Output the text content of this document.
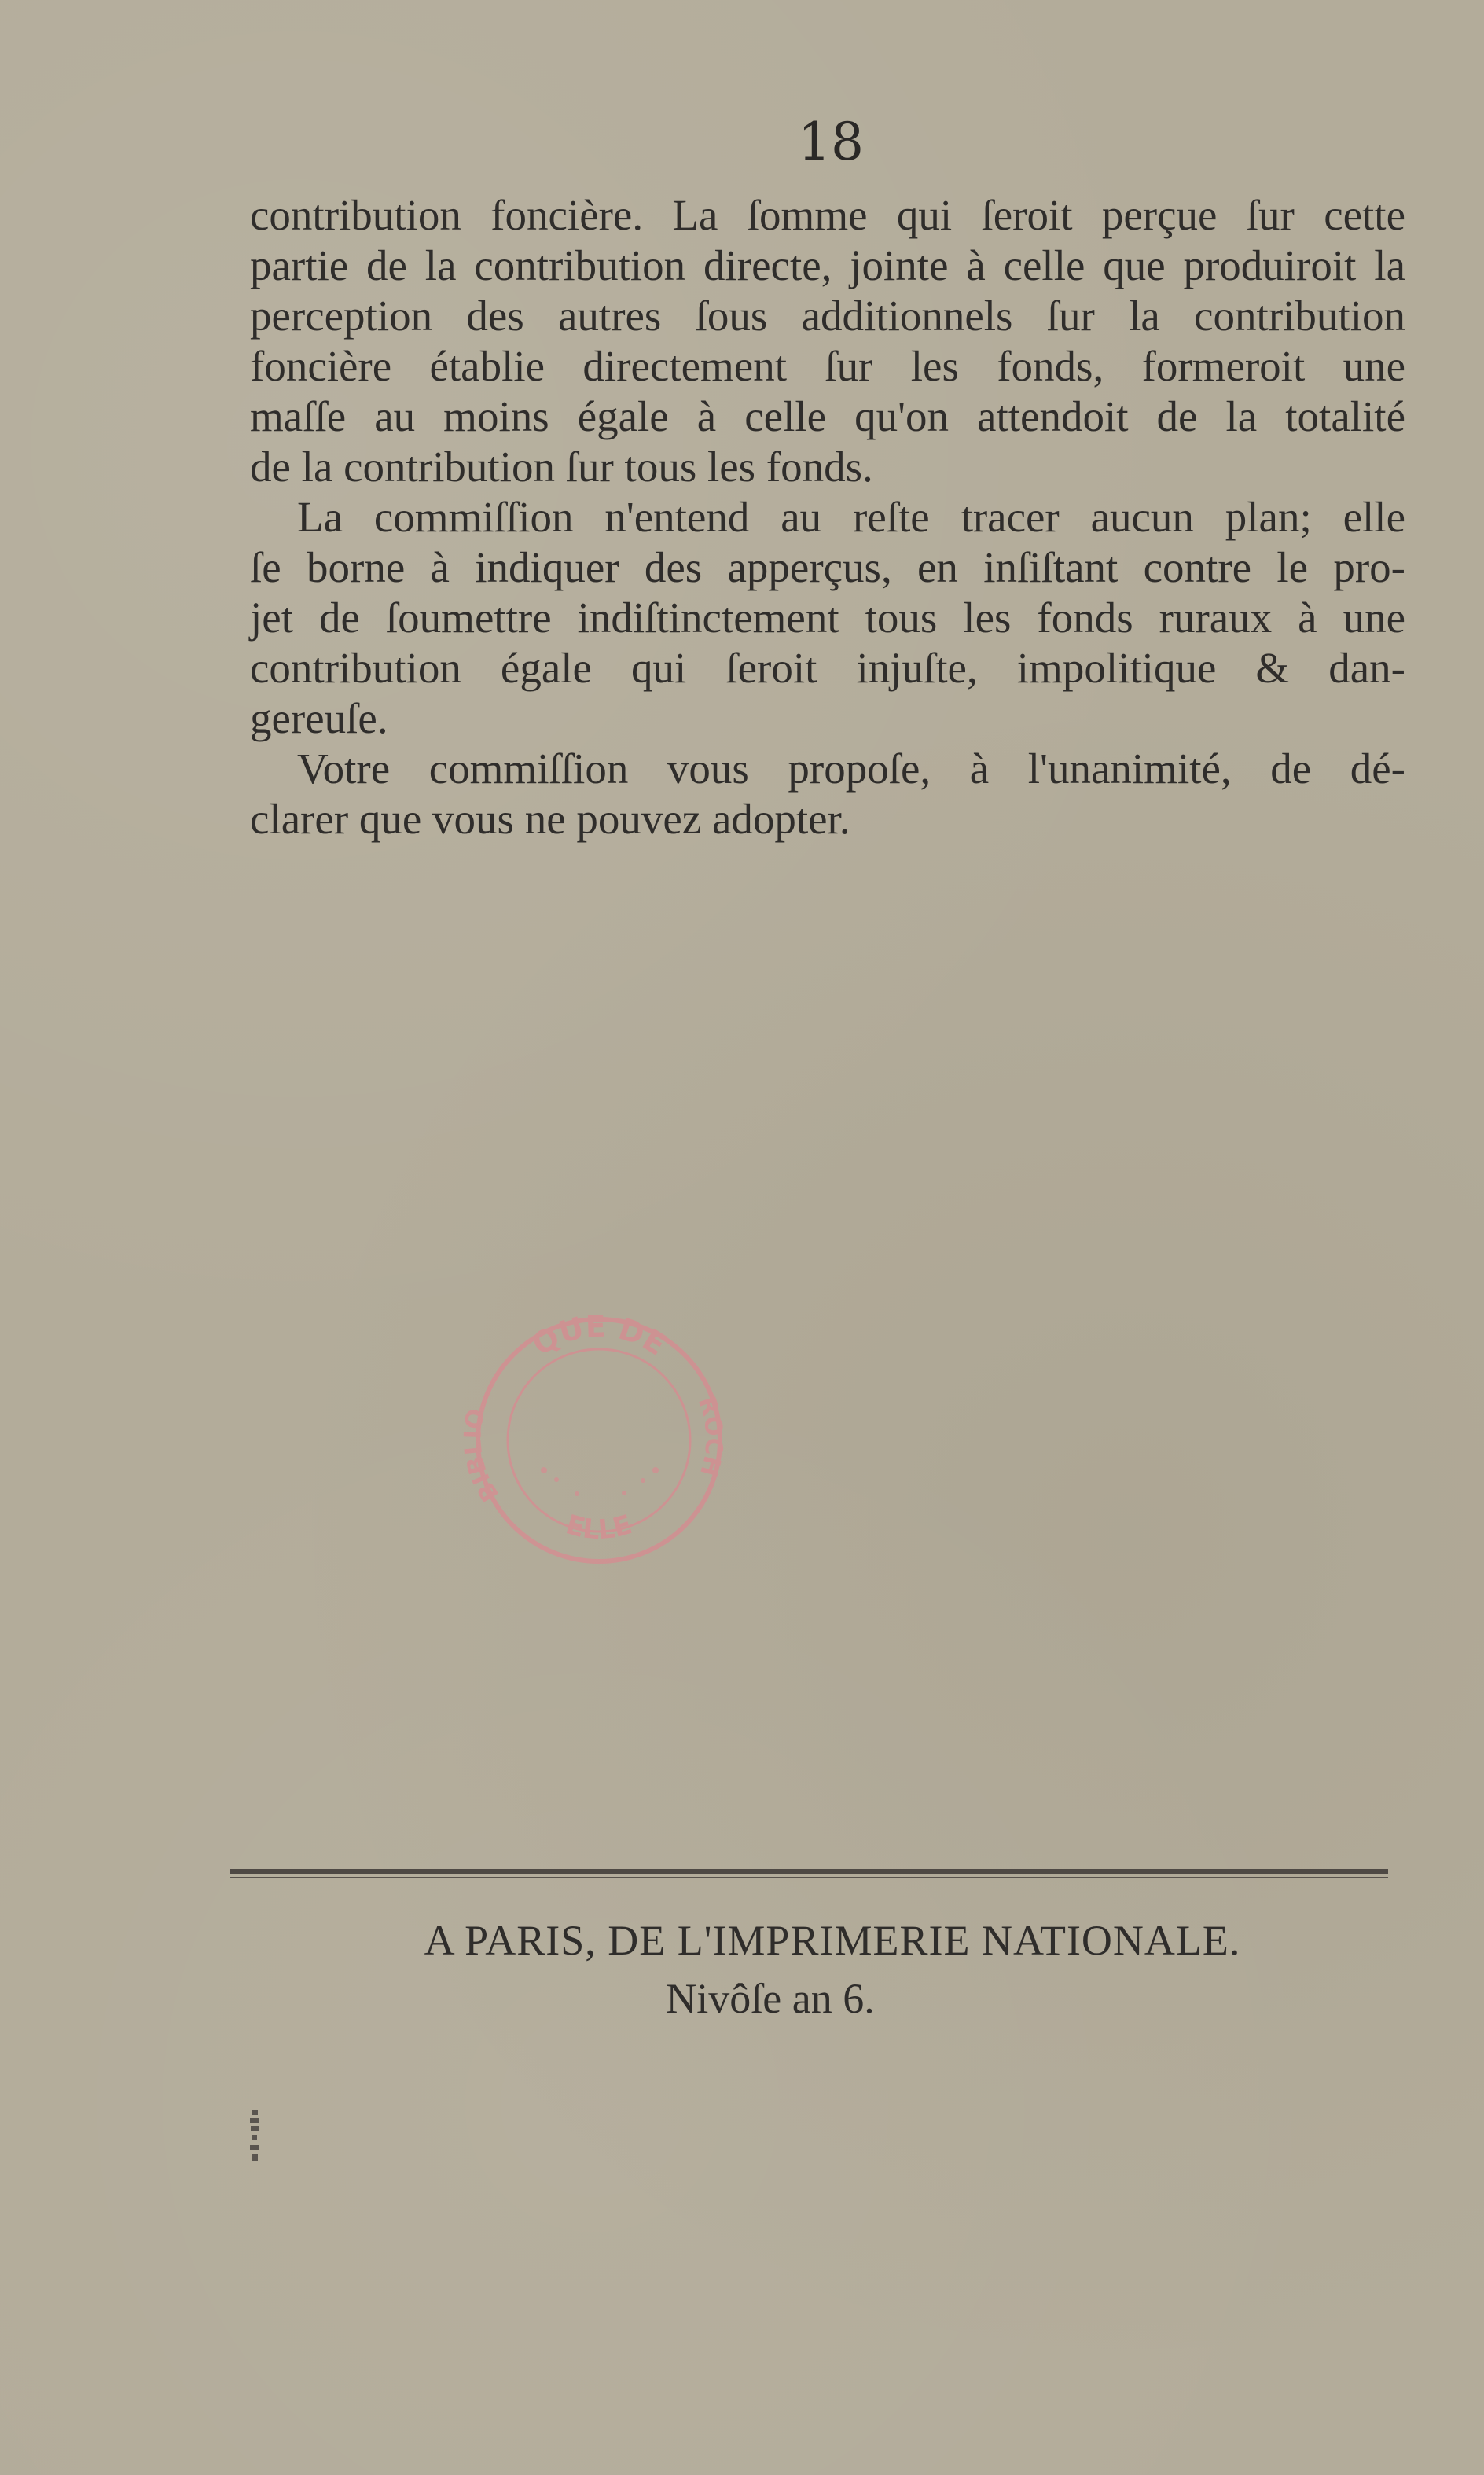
18
contribution foncière. La ſomme qui ſeroit perçue ſur cette
partie de la contribution directe, jointe à celle que produiroit la
perception des autres ſous additionnels ſur la contribution
foncière établie directement ſur les fonds, formeroit une
maſſe au moins égale à celle qu'on attendoit de la totalité
de la contribution ſur tous les fonds.
La commiſſion n'entend au reſte tracer aucun plan; elle
ſe borne à indiquer des apperçus, en inſiſtant contre le pro-
jet de ſoumettre indiſtinctement tous les fonds ruraux à une
contribution égale qui ſeroit injuſte, impolitique & dan-
gereuſe.
Votre commiſſion vous propoſe, à l'unanimité, de dé-
clarer que vous ne pouvez adopter.
QUE DE
BIBLIO
ELLE
ROCH
A PARIS, DE L'IMPRIMERIE NATIONALE.
Nivôſe an 6.
